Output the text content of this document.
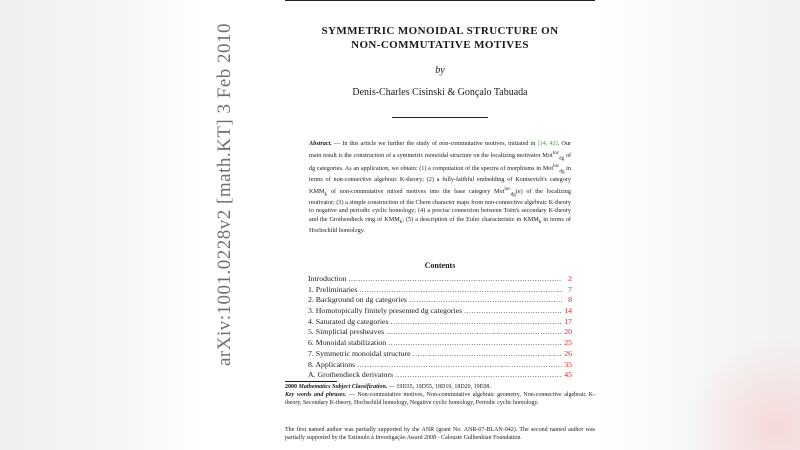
arXiv:1001.0228v2 [math.KT] 3 Feb 2010	SYMMETRIC MONOIDAL STRUCTURE ON
NON-COMMUTATIVE MOTIVES
by
Denis-Charles Cisinski & Gonçalo Tabuada
Abstract. — In this article we further the study of non-commutative motives, initiated in [14, 42]. Our main result is the construction of a symmetric monoidal structure on the localizing motivator Mot$^{loc}_{dg}$ of dg categories. As an application, we obtain: (1) a computation of the spectra of morphisms in Mot$^{loc}_{dg}$ in terms of non-connective algebraic K-theory; (2) a fully-faithful embedding of Kontsevich's category $KMM_k$ of non-commutative mixed motives into the base category Mot$^{loc}_{dg}$(e) of the localizing motivator; (3) a simple construction of the Chern character maps from non-connective algebraic K-theory to negative and periodic cyclic homology; (4) a precise connection between Toën's secondary K-theory and the Grothendieck ring of $KMM_k$; (5) a description of the Euler characteristic in $KMM_k$ in terms of Hochschild homology.
Contents
Introduction .....	2
1. Preliminaries .....	7
2. Background on dg categories .....	8
3. Homotopically finitely presented dg categories .....	14
4. Saturated dg categories .....	17
5. Simplicial presheaves .....	20
6. Monoidal stabilization .....	25
7. Symmetric monoidal structure .....	26
8. Applications .....	35
A. Grothendieck derivators .....	45
2000 Mathematics Subject Classification. — 19D35, 19D55, 18D10, 18D20, 19E08.
Key words and phrases. — Non-commutative motives, Non-commutative algebraic geometry, Non-connective algebraic K-theory, Secondary K-theory, Hochschild homology, Negative cyclic homology, Periodic cyclic homology.
The first named author was partially supported by the ANR (grant No. ANR-07-BLAN-042). The second named author was partially supported by the Estímulo à Investigação Award 2008 - Calouste Gulbenkian Foundation.
